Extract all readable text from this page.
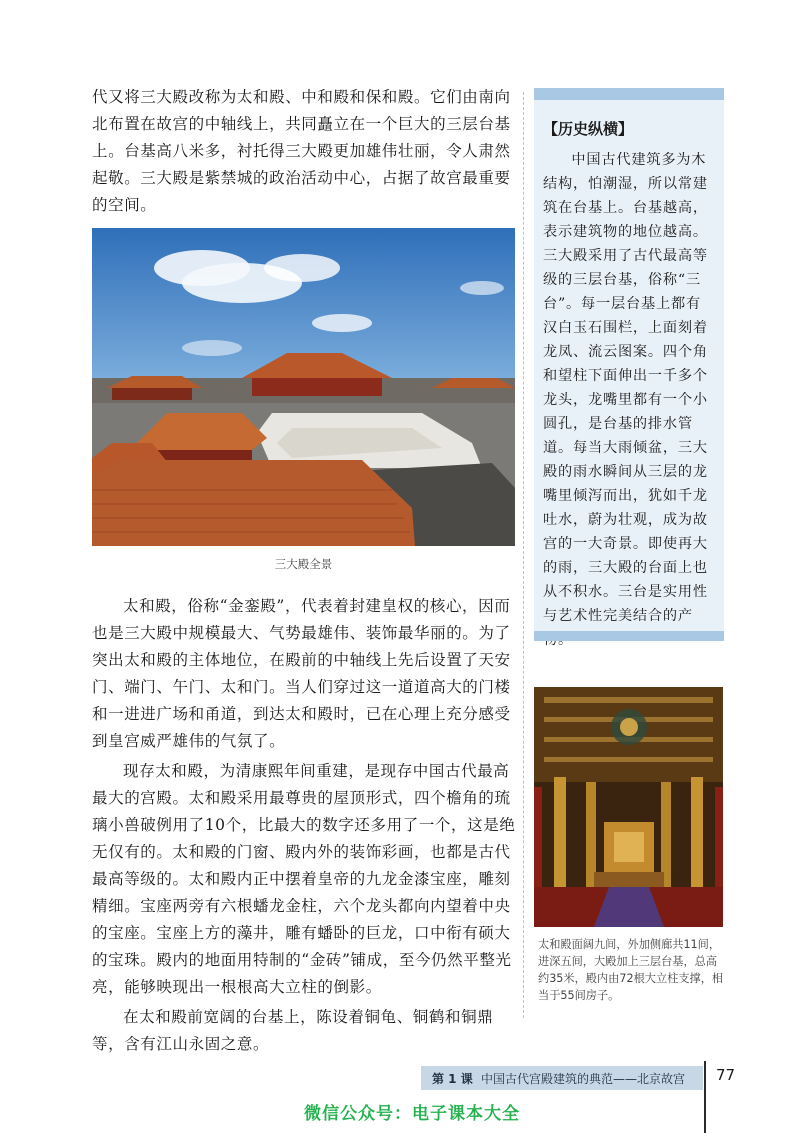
代又将三大殿改称为太和殿、中和殿和保和殿。它们由南向北布置在故宫的中轴线上，共同矗立在一个巨大的三层台基上。台基高八米多，衬托得三大殿更加雄伟壮丽，令人肃然起敬。三大殿是紫禁城的政治活动中心，占据了故宫最重要的空间。

三大殿全景

太和殿，俗称“金銮殿”，代表着封建皇权的核心，因而也是三大殿中规模最大、气势最雄伟、装饰最华丽的。为了突出太和殿的主体地位，在殿前的中轴线上先后设置了天安门、端门、午门、太和门。当人们穿过这一道道高大的门楼和一进进广场和甬道，到达太和殿时，已在心理上充分感受到皇宫威严雄伟的气氛了。

现存太和殿，为清康熙年间重建，是现存中国古代最高最大的宫殿。太和殿采用最尊贵的屋顶形式，四个檐角的琉璃小兽破例用了10个，比最大的数字还多用了一个，这是绝无仅有的。太和殿的门窗、殿内外的装饰彩画，也都是古代最高等级的。太和殿内正中摆着皇帝的九龙金漆宝座，雕刻精细。宝座两旁有六根蟠龙金柱，六个龙头都向内望着中央的宝座。宝座上方的藻井，雕有蟠卧的巨龙，口中衔有硕大的宝珠。殿内的地面用特制的“金砖”铺成，至今仍然平整光亮，能够映现出一根根高大立柱的倒影。

在太和殿前宽阔的台基上，陈设着铜龟、铜鹤和铜鼎等，含有江山永固之意。

【历史纵横】
中国古代建筑多为木结构，怕潮湿，所以常建筑在台基上。台基越高，表示建筑物的地位越高。三大殿采用了古代最高等级的三层台基，俗称“三台”。每一层台基上都有汉白玉石围栏，上面刻着龙凤、流云图案。四个角和望柱下面伸出一千多个龙头，龙嘴里都有一个小圆孔，是台基的排水管道。每当大雨倾盆，三大殿的雨水瞬间从三层的龙嘴里倾泻而出，犹如千龙吐水，蔚为壮观，成为故宫的一大奇景。即使再大的雨，三大殿的台面上也从不积水。三台是实用性与艺术性完美结合的产
太和殿面阔九间，外加侧廊共11间，进深五间，大殿加上三层台基，总高约35米，殿内由72根大立柱支撑，相当于55间房子。
第 1 课 中国古代宫殿建筑的典范——北京故宫 77
微信公众号：电子课本大全
